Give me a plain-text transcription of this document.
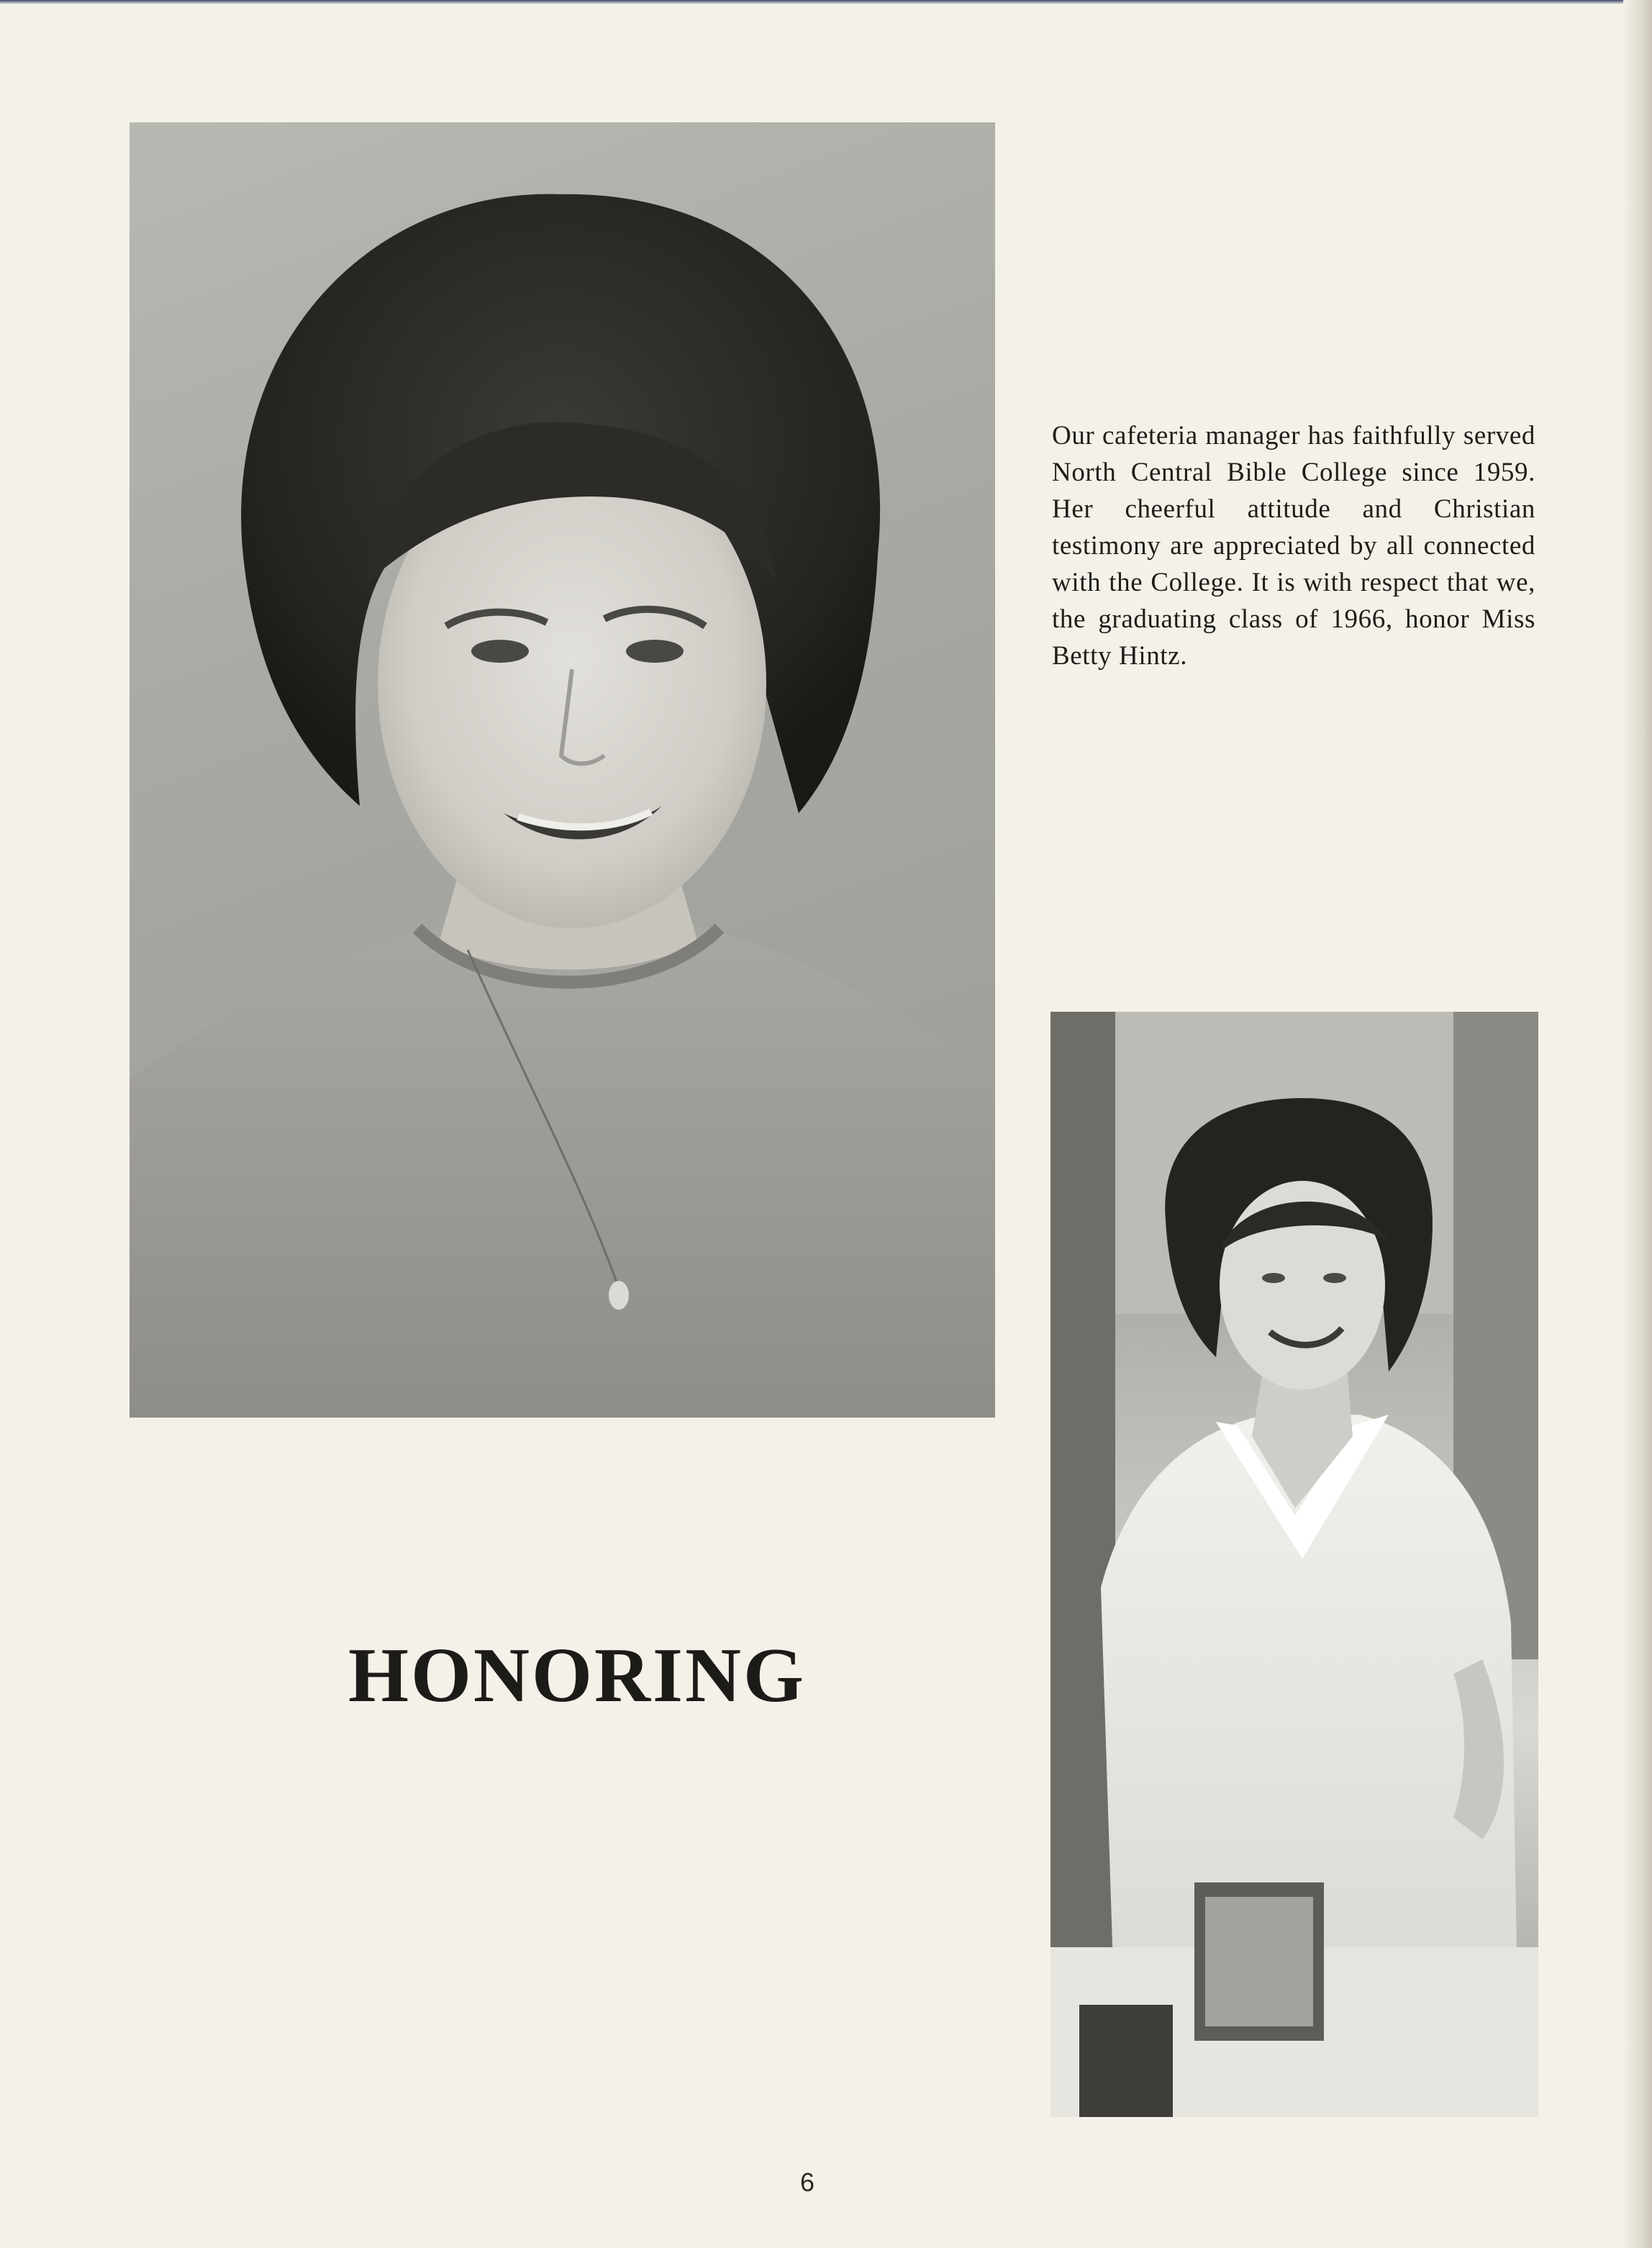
Our cafeteria manager has faithfully served North Central Bible College since 1959. Her cheerful attitude and Christian testimony are appreciated by all connected with the College. It is with respect that we, the graduating class of 1966, honor Miss Betty Hintz.
HONORING
6
